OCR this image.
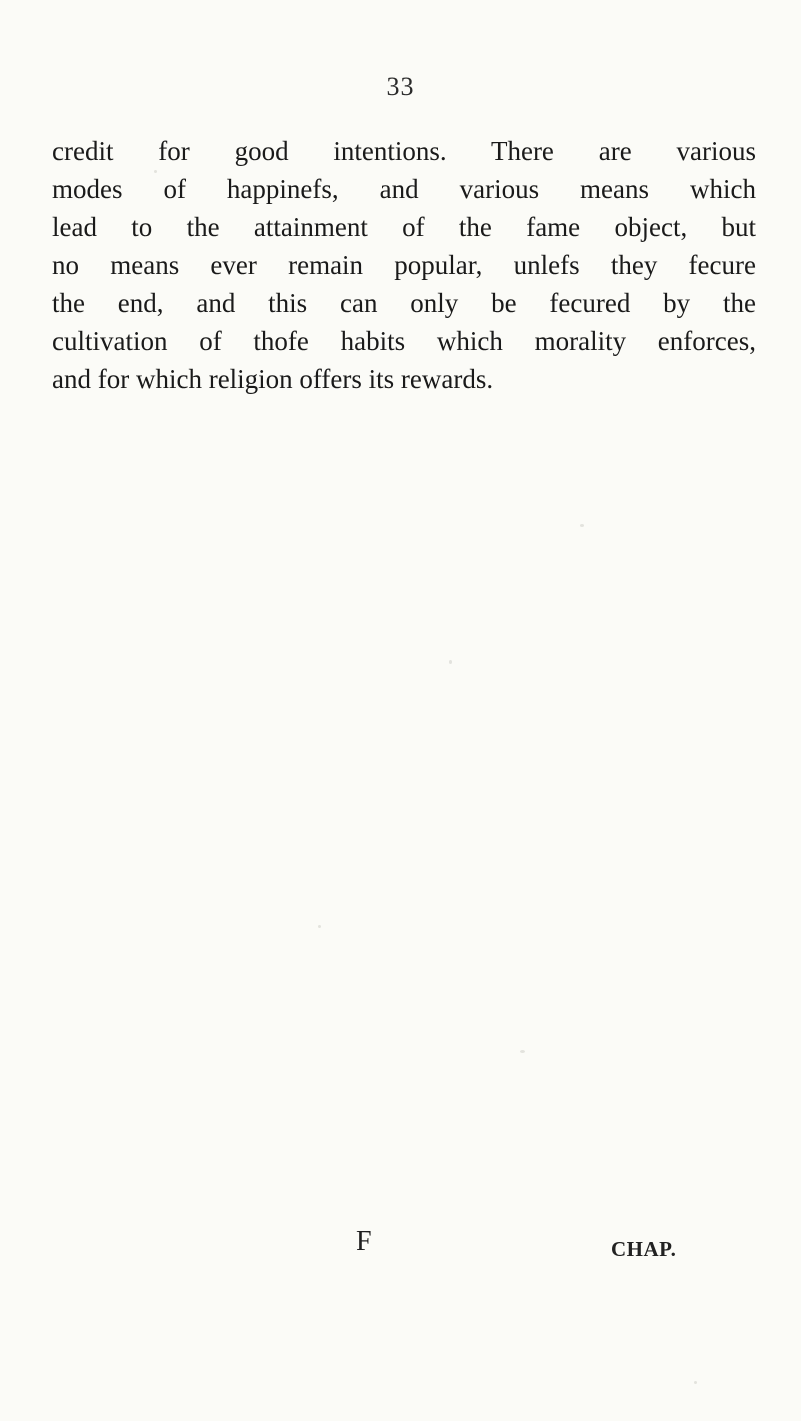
33
credit for good intentions. There are various
modes of happinefs, and various means which
lead to the attainment of the fame object, but
no means ever remain popular, unlefs they fecure
the end, and this can only be fecured by the
cultivation of thofe habits which morality enforces,
and for which religion offers its rewards.
F	CHAP.
